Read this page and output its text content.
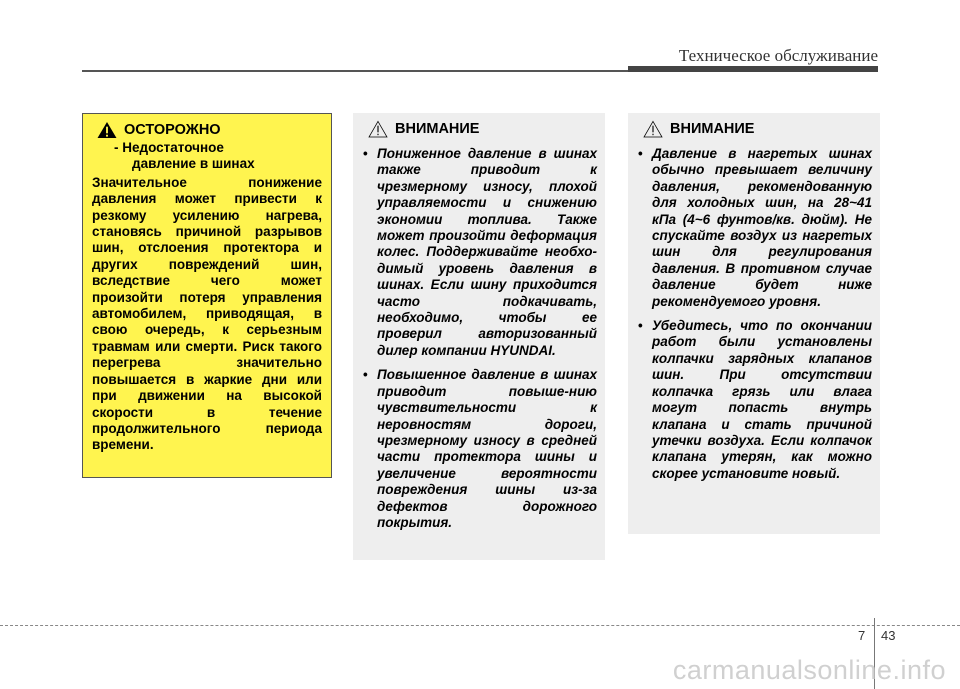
Техническое обслуживание
ОСТОРОЖНО
- Недостаточное
давление в шинах
Значительное понижение давления может привести к резкому усилению нагрева, становясь причиной разрывов шин, отслоения протектора и других повреждений шин, вследствие чего может произойти потеря управления автомобилем, приводящая, в свою очередь, к серьезным травмам или смерти. Риск такого перегрева значительно повышается в жаркие дни или при движении на высокой скорости в течение продолжительного периода времени.
ВНИМАНИЕ
• Пониженное давление в шинах также приводит к чрезмерному износу, плохой управляемости и снижению экономии топлива. Также может произойти деформация колес. Поддерживайте необхо-димый уровень давления в шинах. Если шину приходится часто подкачивать, необходимо, чтобы ее проверил авторизованный дилер компании HYUNDAI.
• Повышенное давление в шинах приводит повыше-нию чувствительности к неровностям дороги, чрезмерному износу в средней части протектора шины и увеличение вероятности повреждения шины из-за дефектов дорожного покрытия.
ВНИМАНИЕ
• Давление в нагретых шинах обычно превышает величину давления, рекомендованную для холодных шин, на 28~41 кПа (4~6 фунтов/кв. дюйм). Не спускайте воздух из нагретых шин для регулирования давления. В противном случае давление будет ниже рекомендуемого уровня.
• Убедитесь, что по окончании работ были установлены колпачки зарядных клапанов шин. При отсутствии колпачка грязь или влага могут попасть внутрь клапана и стать причиной утечки воздуха. Если колпачок клапана утерян, как можно скорее установите новый.
7 43
carmanualsonline.info
